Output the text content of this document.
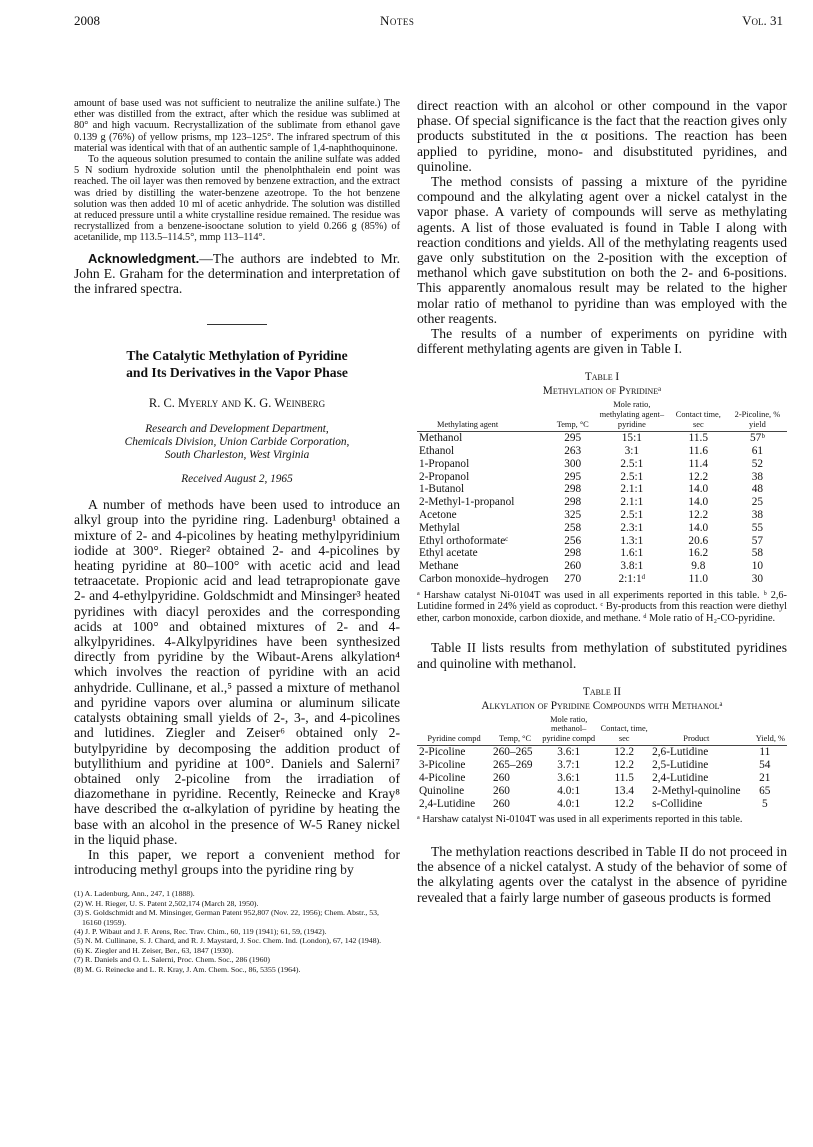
2008	Notes	Vol. 31

amount of base used was not sufficient to neutralize the aniline sulfate.) The ether was distilled from the extract, after which the residue was sublimed at 80° and high vacuum. Recrystallization of the sublimate from ethanol gave 0.139 g (76%) of yellow prisms, mp 123–125°. The infrared spectrum of this material was identical with that of an authentic sample of 1,4-naphthoquinone.

To the aqueous solution presumed to contain the aniline sulfate was added 5 N sodium hydroxide solution until the phenolphthalein end point was reached. The oil layer was then removed by benzene extraction, and the extract was dried by distilling the water-benzene azeotrope. To the hot benzene solution was then added 10 ml of acetic anhydride. The solution was distilled at reduced pressure until a white crystalline residue remained. The residue was recrystallized from a benzene-isooctane solution to yield 0.266 g (85%) of acetanilide, mp 113.5–114.5°, mmp 113–114°.

Acknowledgment.—The authors are indebted to Mr. John E. Graham for the determination and interpretation of the infrared spectra.

The Catalytic Methylation of Pyridine
and Its Derivatives in the Vapor Phase
R. C. Myerly and K. G. Weinberg
Research and Development Department,
Chemicals Division, Union Carbide Corporation,
South Charleston, West Virginia
Received August 2, 1965

A number of methods have been used to introduce an alkyl group into the pyridine ring. Ladenburg¹ obtained a mixture of 2- and 4-picolines by heating methylpyridinium iodide at 300°. Rieger² obtained 2- and 4-picolines by heating pyridine at 80–100° with acetic acid and lead tetraacetate. Propionic acid and lead tetrapropionate gave 2- and 4-ethylpyridine. Goldschmidt and Minsinger³ heated pyridines with diacyl peroxides and the corresponding acids at 100° and obtained mixtures of 2- and 4-alkylpyridines. 4-Alkylpyridines have been synthesized directly from pyridine by the Wibaut-Arens alkylation⁴ which involves the reaction of pyridine with an acid anhydride. Cullinane, et al.,⁵ passed a mixture of methanol and pyridine vapors over alumina or aluminum silicate catalysts obtaining small yields of 2-, 3-, and 4-picolines and lutidines. Ziegler and Zeiser⁶ obtained only 2-butylpyridine by decomposing the addition product of butyllithium and pyridine at 100°. Daniels and Salerni⁷ obtained only 2-picoline from the irradiation of diazomethane in pyridine. Recently, Reinecke and Kray⁸ have described the α-alkylation of pyridine by heating the base with an alcohol in the presence of W-5 Raney nickel in the liquid phase.

In this paper, we report a convenient method for introducing methyl groups into the pyridine ring by

(1) A. Ladenburg, Ann., 247, 1 (1888).
(2) W. H. Rieger, U. S. Patent 2,502,174 (March 28, 1950).
(3) S. Goldschmidt and M. Minsinger, German Patent 952,807 (Nov. 22, 1956); Chem. Abstr., 53, 16160 (1959).
(4) J. P. Wibaut and J. F. Arens, Rec. Trav. Chim., 60, 119 (1941); 61, 59, (1942).
(5) N. M. Cullinane, S. J. Chard, and R. J. Maystard, J. Soc. Chem. Ind. (London), 67, 142 (1948).
(6) K. Ziegler and H. Zeiser, Ber., 63, 1847 (1930).
(7) R. Daniels and O. L. Salerni, Proc. Chem. Soc., 286 (1960)
(8) M. G. Reinecke and L. R. Kray, J. Am. Chem. Soc., 86, 5355 (1964).

direct reaction with an alcohol or other compound in the vapor phase. Of special significance is the fact that the reaction gives only products substituted in the α positions. The reaction has been applied to pyridine, mono- and disubstituted pyridines, and quinoline.

The method consists of passing a mixture of the pyridine compound and the alkylating agent over a nickel catalyst in the vapor phase. A variety of compounds will serve as methylating agents. A list of those evaluated is found in Table I along with reaction conditions and yields. All of the methylating reagents used gave only substitution on the 2-position with the exception of methanol which gave substitution on both the 2- and 6-positions. This apparently anomalous result may be related to the higher molar ratio of methanol to pyridine than was employed with the other reagents.

The results of a number of experiments on pyridine with different methylating agents are given in Table I.

Table I
Methylation of Pyridineᵃ
Methylating agent	Temp, °C	Mole ratio, methylating agent–pyridine	Contact time, sec	2-Picoline, % yield
Methanol	295	15:1	11.5	57ᵇ
Ethanol	263	3:1	11.6	61
1-Propanol	300	2.5:1	11.4	52
2-Propanol	295	2.5:1	12.2	38
1-Butanol	298	2.1:1	14.0	48
2-Methyl-1-propanol	298	2.1:1	14.0	25
Acetone	325	2.5:1	12.2	38
Methylal	258	2.3:1	14.0	55
Ethyl orthoformateᶜ	256	1.3:1	20.6	57
Ethyl acetate	298	1.6:1	16.2	58
Methane	260	3.8:1	9.8	10
Carbon monoxide–hydrogen	270	2:1:1ᵈ	11.0	30
ᵃ Harshaw catalyst Ni-0104T was used in all experiments reported in this table. ᵇ 2,6-Lutidine formed in 24% yield as coproduct. ᶜ By-products from this reaction were diethyl ether, carbon monoxide, carbon dioxide, and methane. ᵈ Mole ratio of H₂-CO-pyridine.

Table II lists results from methylation of substituted pyridines and quinoline with methanol.

Table II
Alkylation of Pyridine Compounds with Methanolᵃ
Pyridine compd	Temp, °C	Mole ratio, methanol–pyridine compd	Contact, time, sec	Product	Yield, %
2-Picoline	260–265	3.6:1	12.2	2,6-Lutidine	11
3-Picoline	265–269	3.7:1	12.2	2,5-Lutidine	54
4-Picoline	260	3.6:1	11.5	2,4-Lutidine	21
Quinoline	260	4.0:1	13.4	2-Methyl-quinoline	65
2,4-Lutidine	260	4.0:1	12.2	s-Collidine	5
ᵃ Harshaw catalyst Ni-0104T was used in all experiments reported in this table.

The methylation reactions described in Table II do not proceed in the absence of a nickel catalyst. A study of the behavior of some of the alkylating agents over the catalyst in the absence of pyridine revealed that a fairly large number of gaseous products is formed
